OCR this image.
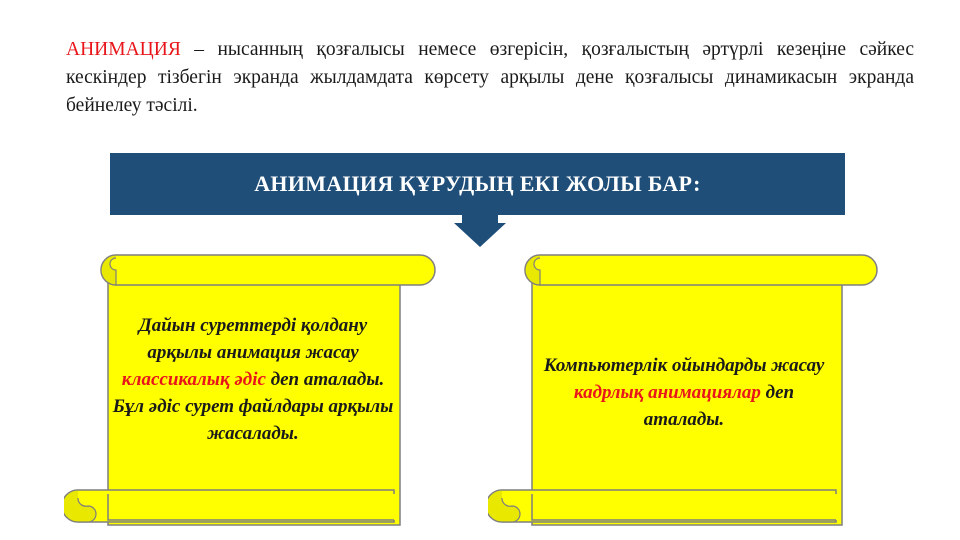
АНИМАЦИЯ – нысанның қозғалысы немесе өзгерісін, қозғалыстың әртүрлі кезеңіне сәйкес кескіндер тізбегін экранда жылдамдата көрсету арқылы дене қозғалысы динамикасын экранда бейнелеу тәсілі.

АНИМАЦИЯ ҚҰРУДЫҢ ЕКІ ЖОЛЫ БАР:
Дайын суреттерді қолдану арқылы анимация жасау классикалық әдіс деп аталады. Бұл әдіс сурет файлдары арқылы жасалады.
Компьютерлік ойындарды жасау кадрлық анимациялар деп аталады.
